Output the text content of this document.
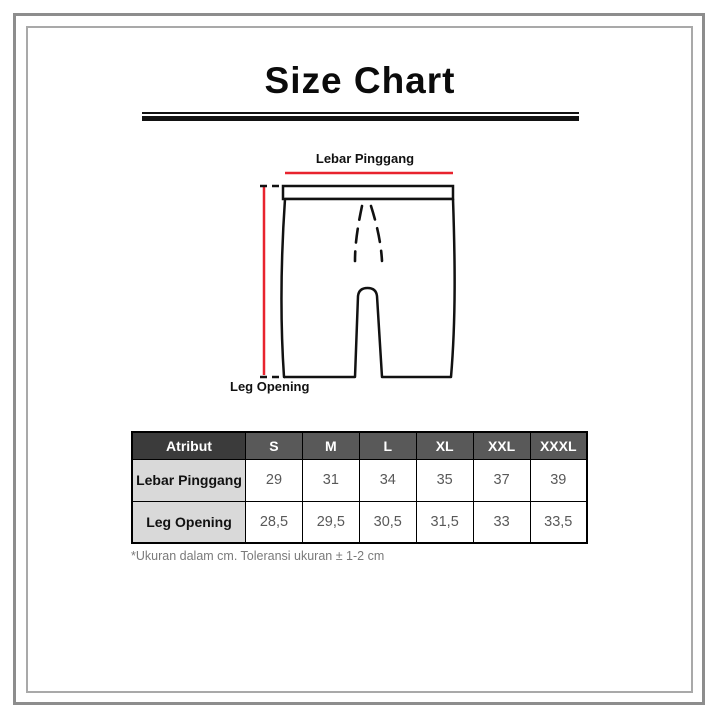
Size Chart
Lebar Pinggang
Leg Opening
Atribut	S	M	L	XL	XXL	XXXL
Lebar Pinggang	29	31	34	35	37	39
Leg Opening	28,5	29,5	30,5	31,5	33	33,5
*Ukuran dalam cm. Toleransi ukuran ± 1-2 cm
